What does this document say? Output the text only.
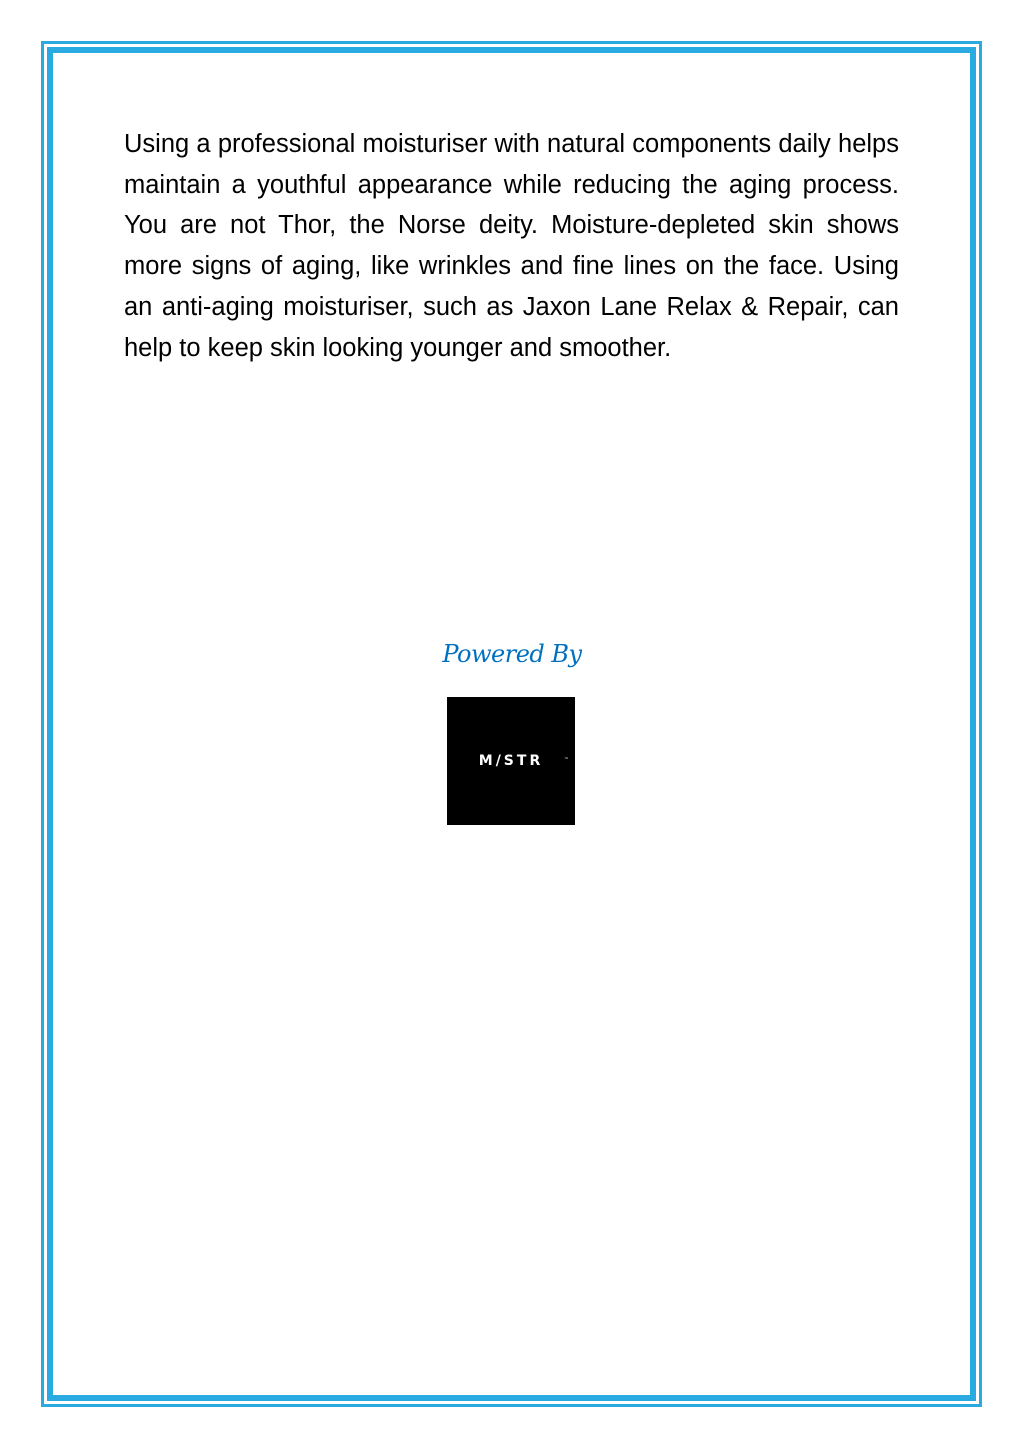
Using a professional moisturiser with natural components daily helps maintain a youthful appearance while reducing the aging process. You are not Thor, the Norse deity. Moisture-depleted skin shows more signs of aging, like wrinkles and fine lines on the face. Using an anti-aging moisturiser, such as Jaxon Lane Relax & Repair, can help to keep skin looking younger and smoother.

Powered By
M/STR	™
